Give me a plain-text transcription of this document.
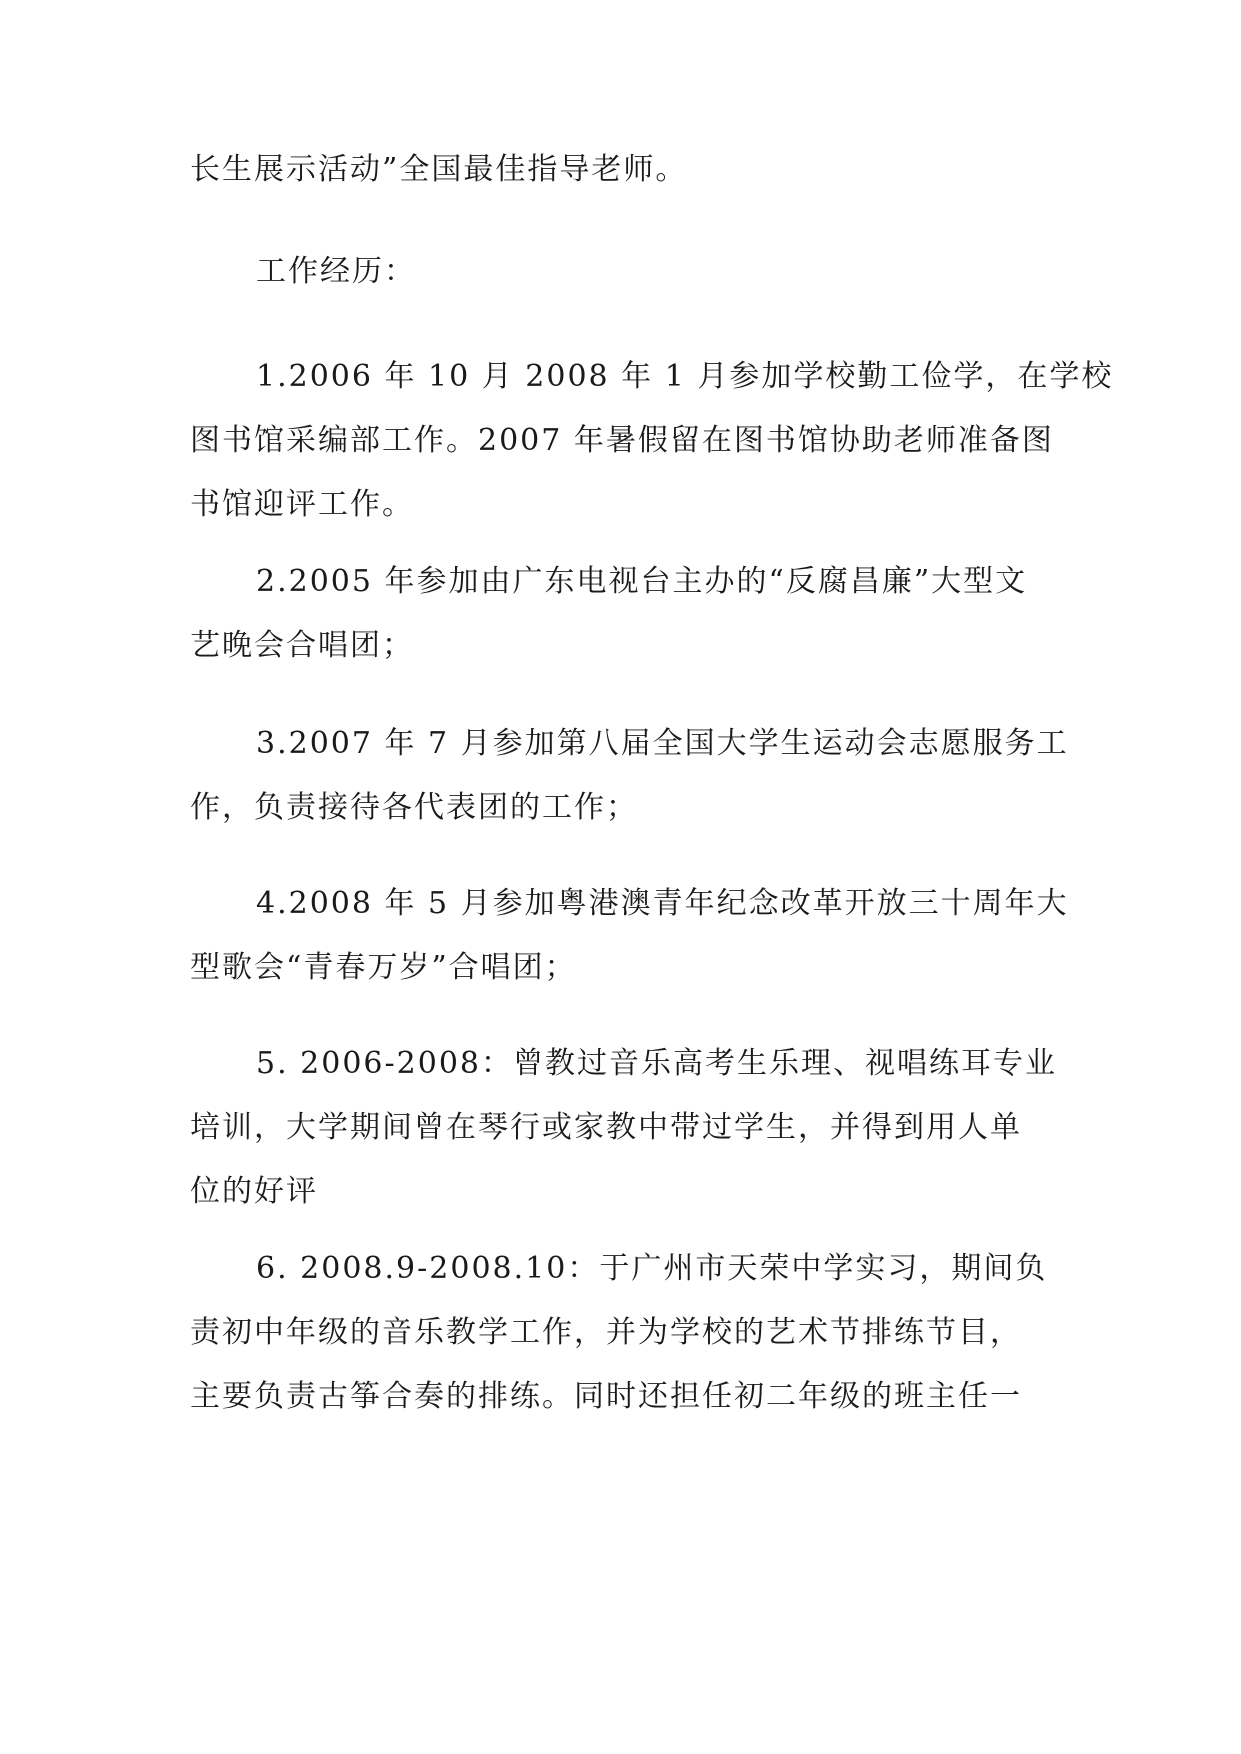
长生展示活动”全国最佳指导老师。
工作经历：
1.2006 年 10 月 2008 年 1 月参加学校勤工俭学，在学校
图书馆采编部工作。2007 年暑假留在图书馆协助老师准备图
书馆迎评工作。
2.2005 年参加由广东电视台主办的“反腐昌廉”大型文
艺晚会合唱团；
3.2007 年 7 月参加第八届全国大学生运动会志愿服务工
作，负责接待各代表团的工作；
4.2008 年 5 月参加粤港澳青年纪念改革开放三十周年大
型歌会“青春万岁”合唱团；
5. 2006-2008：曾教过音乐高考生乐理、视唱练耳专业
培训，大学期间曾在琴行或家教中带过学生，并得到用人单
位的好评
6. 2008.9-2008.10：于广州市天荣中学实习，期间负
责初中年级的音乐教学工作，并为学校的艺术节排练节目，
主要负责古筝合奏的排练。同时还担任初二年级的班主任一
